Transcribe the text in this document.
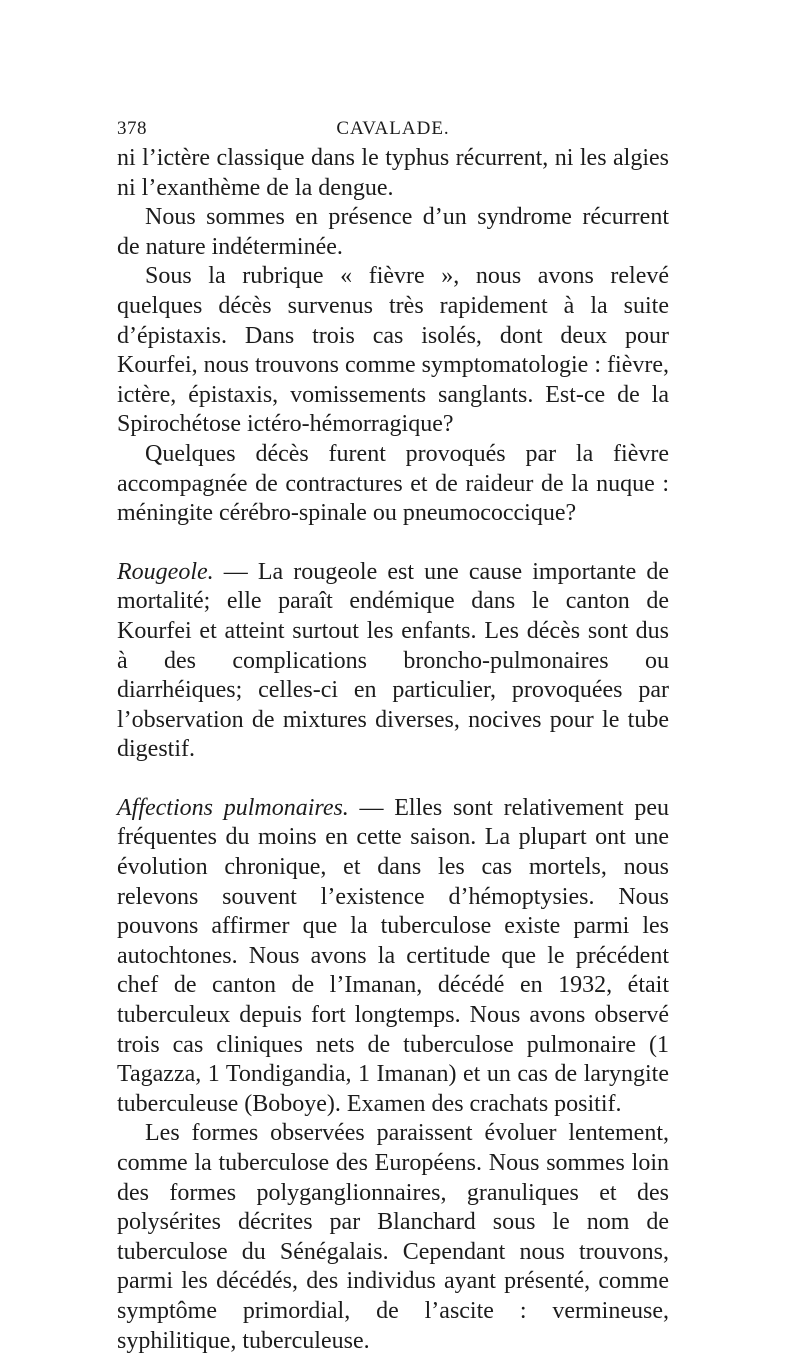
378	CAVALADE.

ni l’ictère classique dans le typhus récurrent, ni les algies ni l’exanthème de la dengue.

Nous sommes en présence d’un syndrome récurrent de nature indéterminée.

Sous la rubrique « fièvre », nous avons relevé quelques décès survenus très rapidement à la suite d’épistaxis. Dans trois cas isolés, dont deux pour Kourfei, nous trouvons comme symptomatologie : fièvre, ictère, épistaxis, vomissements sanglants. Est-ce de la Spirochétose ictéro-hémorragique?

Quelques décès furent provoqués par la fièvre accompagnée de contractures et de raideur de la nuque : méningite cérébro-spinale ou pneumococcique?

Rougeole. — La rougeole est une cause importante de mortalité; elle paraît endémique dans le canton de Kourfei et atteint surtout les enfants. Les décès sont dus à des complications broncho-pulmonaires ou diarrhéiques; celles-ci en particulier, provoquées par l’observation de mixtures diverses, nocives pour le tube digestif.

Affections pulmonaires. — Elles sont relativement peu fréquentes du moins en cette saison. La plupart ont une évolution chronique, et dans les cas mortels, nous relevons souvent l’existence d’hémoptysies. Nous pouvons affirmer que la tuberculose existe parmi les autochtones. Nous avons la certitude que le précédent chef de canton de l’Imanan, décédé en 1932, était tuberculeux depuis fort longtemps. Nous avons observé trois cas cliniques nets de tuberculose pulmonaire (1 Tagazza, 1 Tondigandia, 1 Imanan) et un cas de laryngite tuberculeuse (Boboye). Examen des crachats positif.

Les formes observées paraissent évoluer lentement, comme la tuberculose des Européens. Nous sommes loin des formes polyganglionnaires, granuliques et des polysérites décrites par Blanchard sous le nom de tuberculose du Sénégalais. Cependant nous trouvons, parmi les décédés, des individus ayant présenté, comme symptôme primordial, de l’ascite : vermineuse, syphilitique, tuberculeuse.
